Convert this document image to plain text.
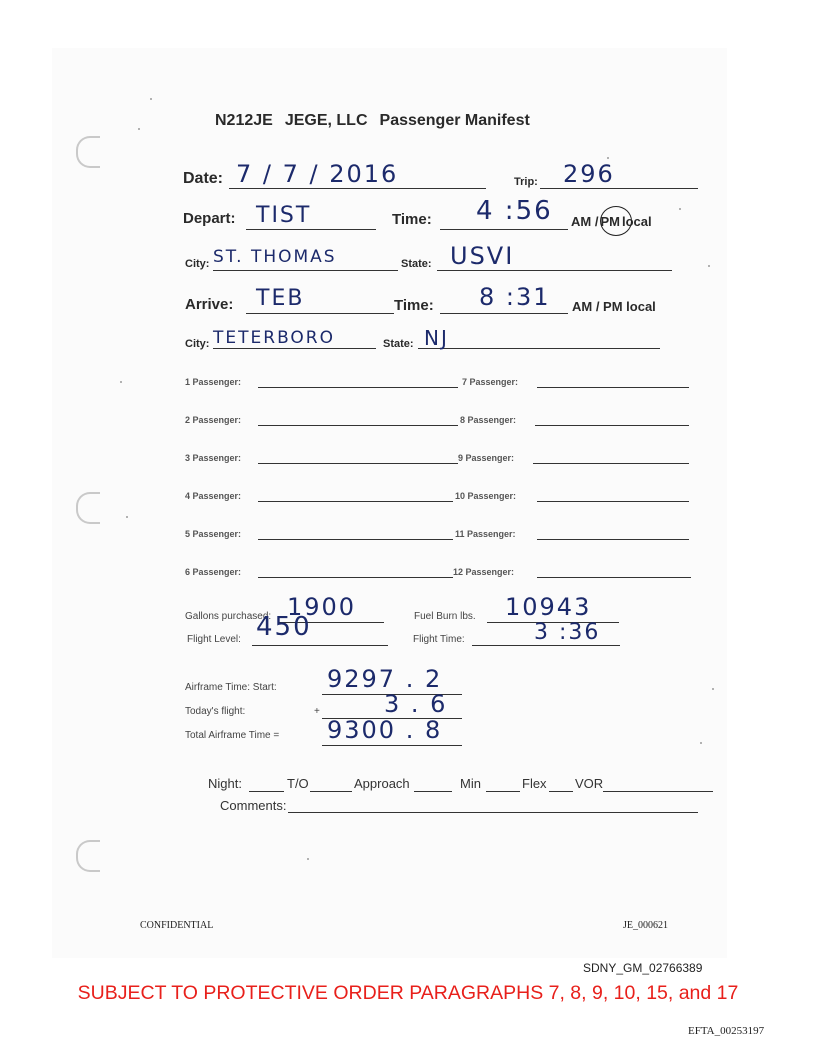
N212JE JEGE, LLC Passenger Manifest
Date: 7 / 7 / 2016	Trip: 296
Depart: TIST	Time: 4 :56 AM / PM local
City: ST. THOMAS	State: USVI
Arrive: TEB	Time: 8 :31 AM / PM local
City: TETERBORO	State: NJ
1 Passenger:
2 Passenger:
3 Passenger:
4 Passenger:
5 Passenger:
6 Passenger:
7 Passenger:
8 Passenger:
9 Passenger:
10 Passenger:
11 Passenger:
12 Passenger:
Gallons purchased: 1900	Fuel Burn lbs. 10943
Flight Level: 450	Flight Time:	3 :36
Airframe Time: Start: 9297 . 2
Today's flight:	+	3 . 6
Total Airframe Time = 9300 . 8
Night:	T/O	Approach	Min	Flex VOR
Comments:
CONFIDENTIAL	JE_000621
SDNY_GM_02766389
SUBJECT TO PROTECTIVE ORDER PARAGRAPHS 7, 8, 9, 10, 15, and 17
EFTA_00253197
